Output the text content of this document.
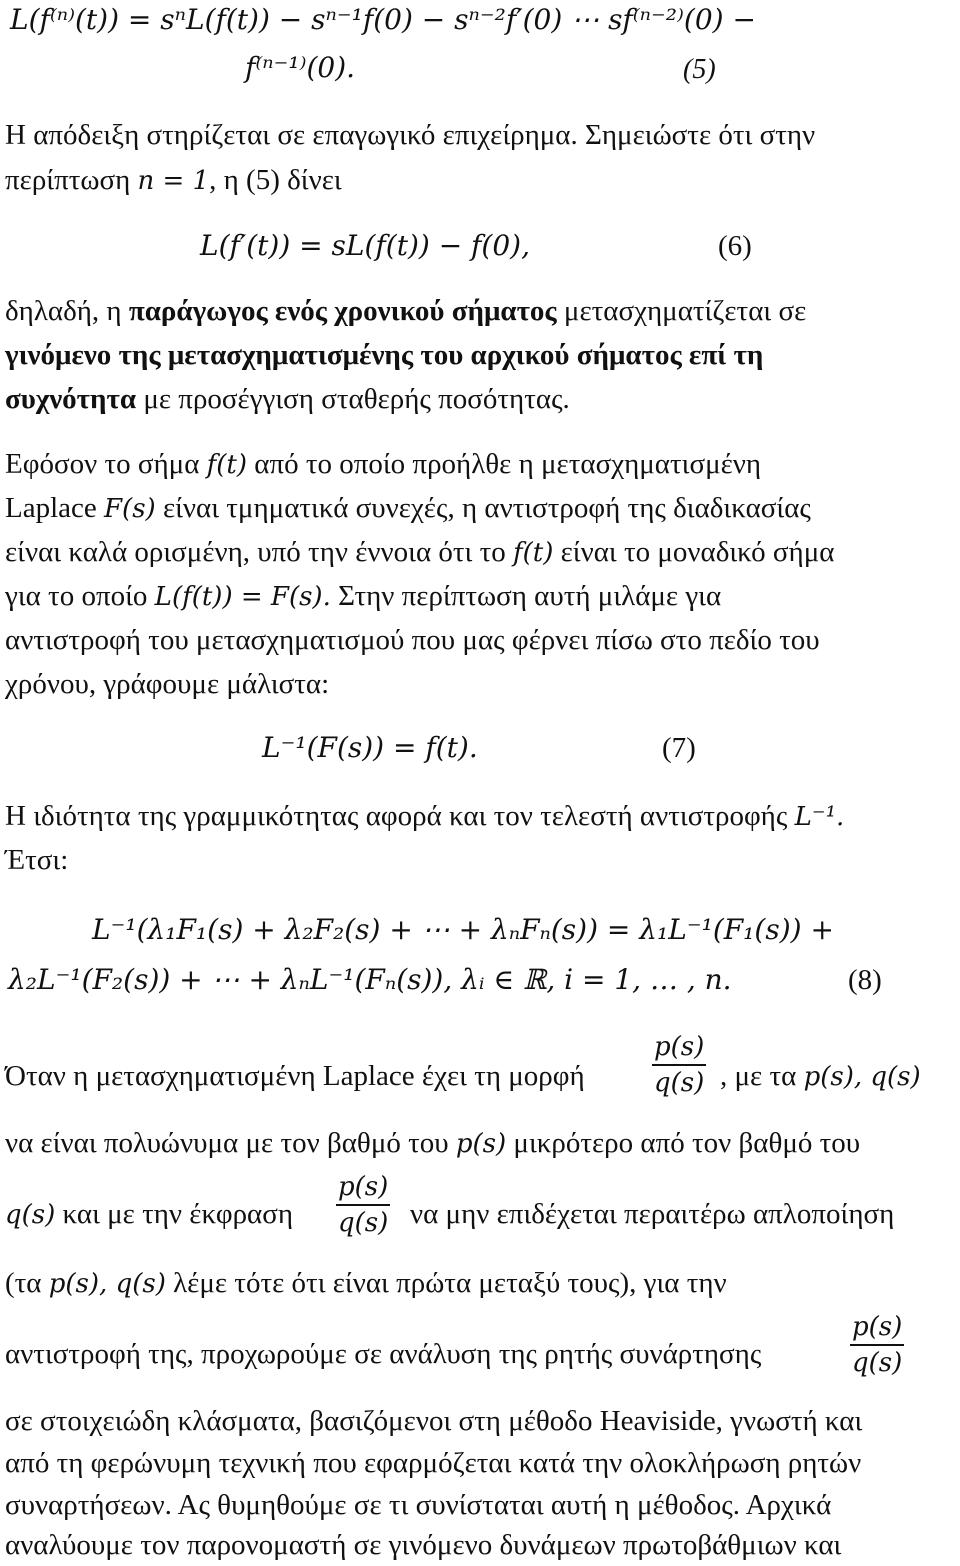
L(f⁽ⁿ⁾(t)) = sⁿL(f(t)) − sⁿ⁻¹f(0) − sⁿ⁻²f′(0) ⋯ sf⁽ⁿ⁻²⁾(0) −
f⁽ⁿ⁻¹⁾(0).	(5)
Η απόδειξη στηρίζεται σε επαγωγικό επιχείρημα. Σημειώστε ότι στην
περίπτωση n = 1, η (5) δίνει
L(f′(t)) = sL(f(t)) − f(0),	(6)
δηλαδή, η παράγωγος ενός χρονικού σήματος μετασχηματίζεται σε
γινόμενο της μετασχηματισμένης του αρχικού σήματος επί τη
συχνότητα με προσέγγιση σταθερής ποσότητας.
Εφόσον το σήμα f(t) από το οποίο προήλθε η μετασχηματισμένη
Laplace F(s) είναι τμηματικά συνεχές, η αντιστροφή της διαδικασίας
είναι καλά ορισμένη, υπό την έννοια ότι το f(t) είναι το μοναδικό σήμα
για το οποίο L(f(t)) = F(s). Στην περίπτωση αυτή μιλάμε για
αντιστροφή του μετασχηματισμού που μας φέρνει πίσω στο πεδίο του
χρόνου, γράφουμε μάλιστα:
L⁻¹(F(s)) = f(t).	(7)
Η ιδιότητα της γραμμικότητας αφορά και τον τελεστή αντιστροφής L⁻¹.
Έτσι:
L⁻¹(λ₁F₁(s) + λ₂F₂(s) + ⋯ + λₙFₙ(s)) = λ₁L⁻¹(F₁(s)) +
λ₂L⁻¹(F₂(s)) + ⋯ + λₙL⁻¹(Fₙ(s)), λᵢ ∈ ℝ, i = 1, … , n.	(8)
Όταν η μετασχηματισμένη Laplace έχει τη μορφή	$\frac{p(s)}{q(s)}$ , με τα p(s), q(s)
να είναι πολυώνυμα με τον βαθμό του p(s) μικρότερο από τον βαθμό του
q(s) και με την έκφραση $\frac{p(s)}{q(s)}$ να μην επιδέχεται περαιτέρω απλοποίηση
(τα p(s), q(s) λέμε τότε ότι είναι πρώτα μεταξύ τους), για την
αντιστροφή της, προχωρούμε σε ανάλυση της ρητής συνάρτησης	$\frac{p(s)}{q(s)}$
σε στοιχειώδη κλάσματα, βασιζόμενοι στη μέθοδο Heaviside, γνωστή και
από τη φερώνυμη τεχνική που εφαρμόζεται κατά την ολοκλήρωση ρητών
συναρτήσεων. Ας θυμηθούμε σε τι συνίσταται αυτή η μέθοδος. Αρχικά
αναλύουμε τον παρονομαστή σε γινόμενο δυνάμεων πρωτοβάθμιων και
